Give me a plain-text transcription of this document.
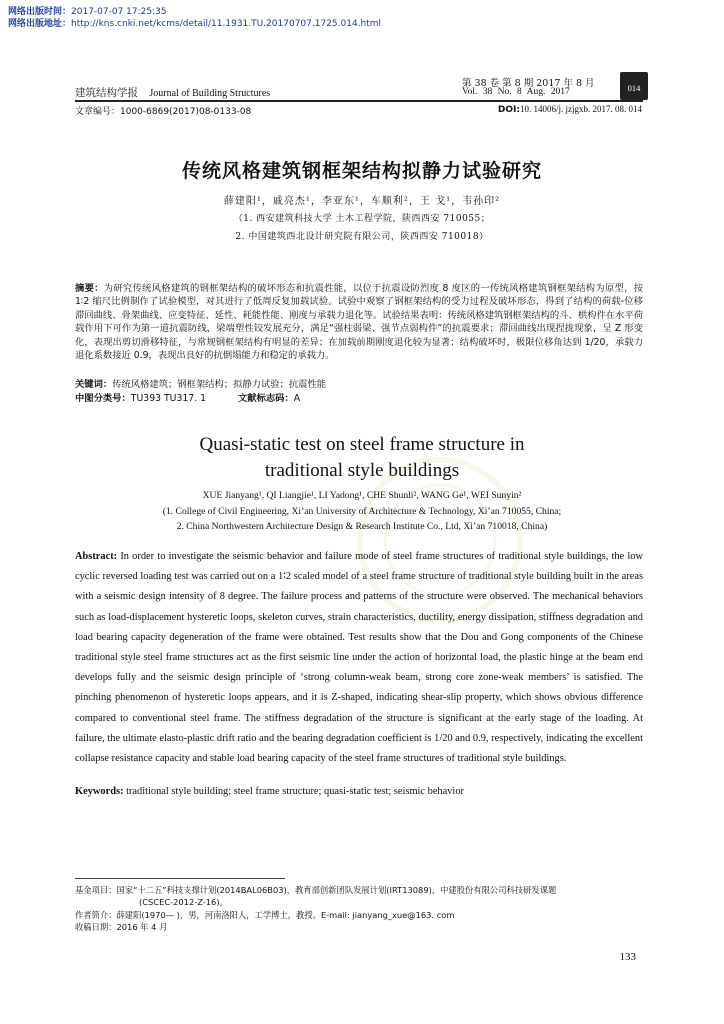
网络出版时间：2017-07-07 17:25:35
网络出版地址：http://kns.cnki.net/kcms/detail/11.1931.TU.20170707.1725.014.html
第 38 卷 第 8 期 2017 年 8 月
Vol. 38 No. 8 Aug. 2017	014
建筑结构学报 Journal of Building Structures
文章编号：1000-6869(2017)08-0133-08	DOI:10. 14006/j. jzjgxb. 2017. 08. 014
传统风格建筑钢框架结构拟静力试验研究
薛建阳¹，戚亮杰¹，李亚东¹，车顺利²，王 戈¹，韦孙印²
（1. 西安建筑科技大学 土木工程学院，陕西西安 710055；
2. 中国建筑西北设计研究院有限公司，陕西西安 710018）
摘要：为研究传统风格建筑的钢框架结构的破坏形态和抗震性能，以位于抗震设防烈度 8 度区的一传统风格建筑钢框架结构为原型，按 1∶2 缩尺比例制作了试验模型，对其进行了低周反复加载试验。试验中观察了钢框架结构的受力过程及破坏形态，得到了结构的荷载-位移滞回曲线、骨架曲线、应变特征、延性、耗能性能、刚度与承载力退化等。试验结果表明：传统风格建筑钢框架结构的斗、栱构件在水平荷载作用下可作为第一道抗震防线，梁端塑性铰发展充分，满足“强柱弱梁、强节点弱构件”的抗震要求；滞回曲线出现捏拢现象，呈 Z 形变化，表现出剪切滑移特征，与常规钢框架结构有明显的差异；在加载前期刚度退化较为显著；结构破坏时，极限位移角达到 1/20，承载力退化系数接近 0.9，表现出良好的抗倒塌能力和稳定的承载力。
关键词：传统风格建筑；钢框架结构；拟静力试验；抗震性能
中图分类号：TU393 TU317. 1	文献标志码：A
Quasi-static test on steel frame structure in
traditional style buildings
XUE Jianyang¹, QI Liangjie¹, LI Yadong¹, CHE Shunli², WANG Ge¹, WEI Sunyin²
(1. College of Civil Engineering, Xi’an University of Architecture & Technology, Xi’an 710055, China;
2. China Northwestern Architecture Design & Research Institute Co., Ltd, Xi’an 710018, China)
Abstract: In order to investigate the seismic behavior and failure mode of steel frame structures of traditional style buildings, the low cyclic reversed loading test was carried out on a 1∶2 scaled model of a steel frame structure of traditional style building built in the areas with a seismic design intensity of 8 degree. The failure process and patterns of the structure were observed. The mechanical behaviors such as load-displacement hysteretic loops, skeleton curves, strain characteristics, ductility, energy dissipation, stiffness degradation and load bearing capacity degeneration of the frame were obtained. Test results show that the Dou and Gong components of the Chinese traditional style steel frame structures act as the first seismic line under the action of horizontal load, the plastic hinge at the beam end develops fully and the seismic design principle of ‘strong column-weak beam, strong core zone-weak members’ is satisfied. The pinching phenomenon of hysteretic loops appears, and it is Z-shaped, indicating shear-slip property, which shows obvious difference compared to conventional steel frame. The stiffness degradation of the structure is significant at the early stage of the loading. At failure, the ultimate elasto-plastic drift ratio and the bearing degradation coefficient is 1/20 and 0.9, respectively, indicating the excellent collapse resistance capacity and stable load bearing capacity of the steel frame structures of traditional style buildings.
Keywords: traditional style building; steel frame structure; quasi-static test; seismic behavior
基金项目：国家“十二五”科技支撑计划(2014BAL06B03)，教育部创新团队发展计划(IRT13089)，中建股份有限公司科技研发课题
(CSCEC-2012-Z-16)。
作者简介：薛建阳(1970— )，男，河南洛阳人，工学博士，教授。E-mail: jianyang_xue@163. com
收稿日期：2016 年 4 月
133
